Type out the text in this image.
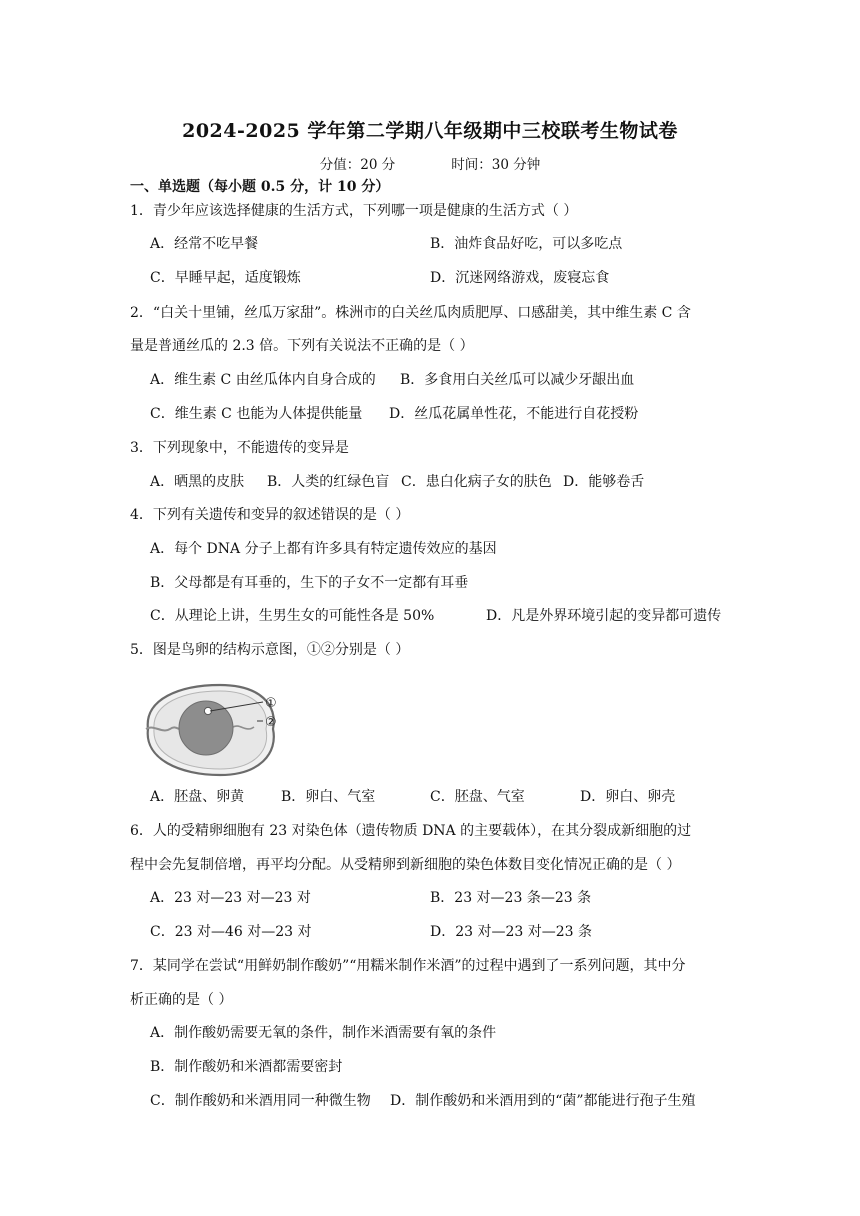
2024-2025 学年第二学期八年级期中三校联考生物试卷
分值：20 分	时间：30 分钟
一、单选题（每小题 0.5 分，计 10 分）
1．青少年应该选择健康的生活方式，下列哪一项是健康的生活方式（ ）
A．经常不吃早餐	B．油炸食品好吃，可以多吃点
C．早睡早起，适度锻炼	D．沉迷网络游戏，废寝忘食
2．“白关十里铺，丝瓜万家甜”。株洲市的白关丝瓜肉质肥厚、口感甜美，其中维生素 C 含
量是普通丝瓜的 2.3 倍。下列有关说法不正确的是（ ）
A．维生素 C 由丝瓜体内自身合成的 B．多食用白关丝瓜可以减少牙龈出血
C．维生素 C 也能为人体提供能量 D．丝瓜花属单性花，不能进行自花授粉
3．下列现象中，不能遗传的变异是
A．晒黑的皮肤 B．人类的红绿色盲 C．患白化病子女的肤色 D．能够卷舌
4．下列有关遗传和变异的叙述错误的是（ ）
A．每个 DNA 分子上都有许多具有特定遗传效应的基因
B．父母都是有耳垂的，生下的子女不一定都有耳垂
C．从理论上讲，生男生女的可能性各是 50%	D．凡是外界环境引起的变异都可遗传
5．图是鸟卵的结构示意图，①②分别是（ ）
①
②
A．胚盘、卵黄	B．卵白、气室	C．胚盘、气室	D．卵白、卵壳
6．人的受精卵细胞有 23 对染色体（遗传物质 DNA 的主要载体），在其分裂成新细胞的过
程中会先复制倍增，再平均分配。从受精卵到新细胞的染色体数目变化情况正确的是（ ）
A．23 对—23 对—23 对	B．23 对—23 条—23 条
C．23 对—46 对—23 对	D．23 对—23 对—23 条
7．某同学在尝试“用鲜奶制作酸奶”“用糯米制作米酒”的过程中遇到了一系列问题，其中分
析正确的是（ ）
A．制作酸奶需要无氧的条件，制作米酒需要有氧的条件
B．制作酸奶和米酒都需要密封
C．制作酸奶和米酒用同一种微生物 D．制作酸奶和米酒用到的“菌”都能进行孢子生殖
